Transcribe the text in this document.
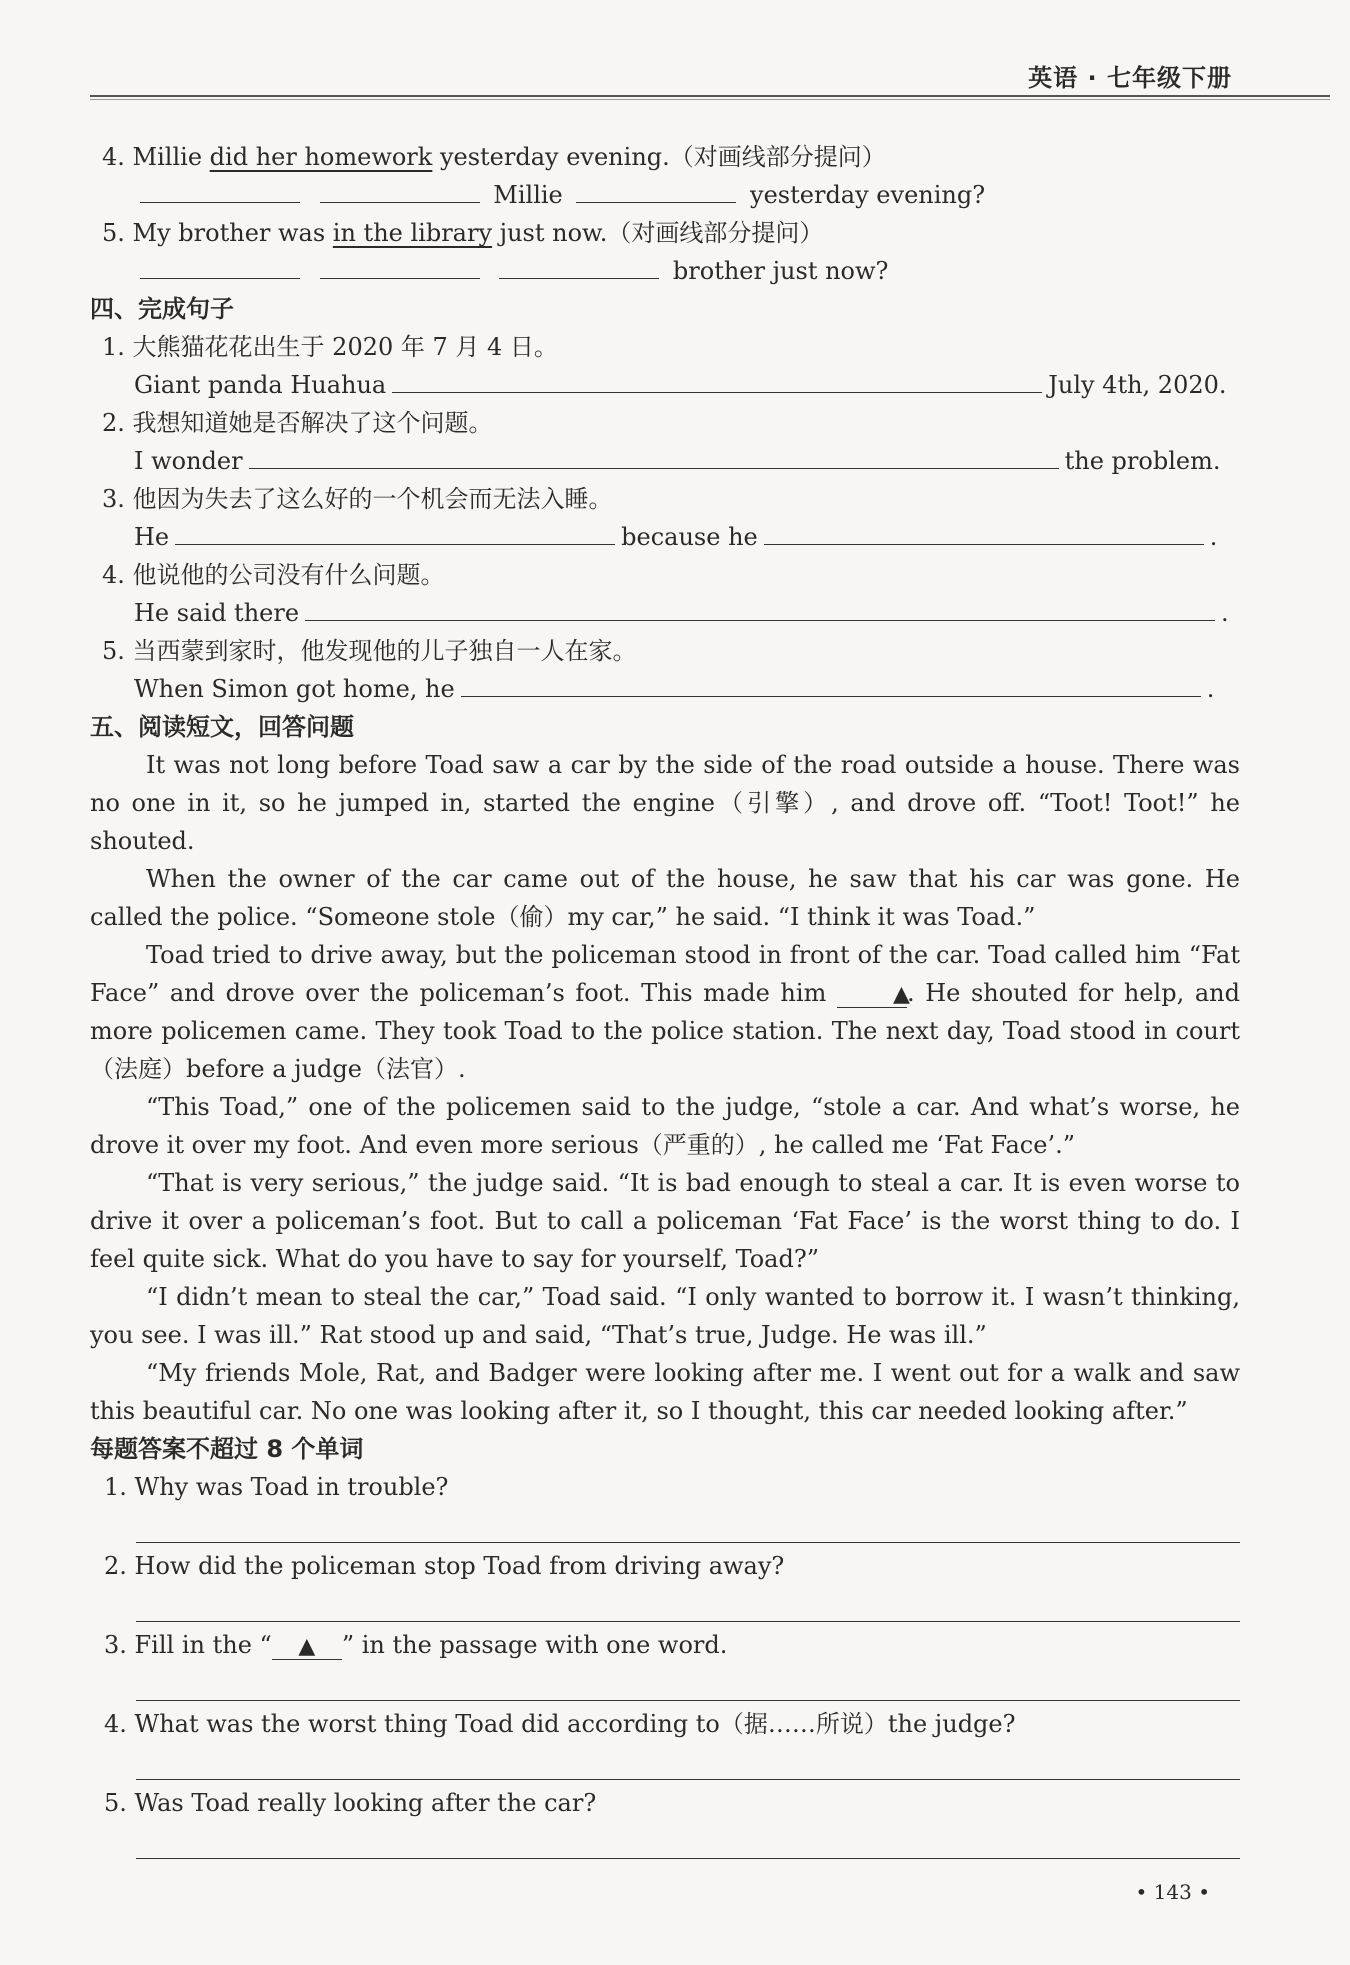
英语 · 七年级下册
4. Millie did her homework yesterday evening.（对画线部分提问）
Millie	yesterday evening?
5. My brother was in the library just now.（对画线部分提问）
brother just now?
四、完成句子
1. 大熊猫花花出生于 2020 年 7 月 4 日。
Giant panda Huahua	July 4th, 2020.
2. 我想知道她是否解决了这个问题。
I wonder	the problem.
3. 他因为失去了这么好的一个机会而无法入睡。
He	because he	.
4. 他说他的公司没有什么问题。
He said there	.
5. 当西蒙到家时，他发现他的儿子独自一人在家。
When Simon got home, he	.
五、阅读短文，回答问题
It was not long before Toad saw a car by the side of the road outside a house. There was no one in it, so he jumped in, started the engine（引擎）, and drove off. “Toot! Toot!” he shouted.
When the owner of the car came out of the house, he saw that his car was gone. He called the police. “Someone stole（偷）my car,” he said. “I think it was Toad.”
Toad tried to drive away, but the policeman stood in front of the car. Toad called him “Fat Face” and drove over the policeman’s foot. This made him	▲. He shouted for help, and more policemen came. They took Toad to the police station. The next day, Toad stood in court（法庭）before a judge（法官）.
“This Toad,” one of the policemen said to the judge, “stole a car. And what’s worse, he drove it over my foot. And even more serious（严重的）, he called me ‘Fat Face’.”
“That is very serious,” the judge said. “It is bad enough to steal a car. It is even worse to drive it over a policeman’s foot. But to call a policeman ‘Fat Face’ is the worst thing to do. I feel quite sick. What do you have to say for yourself, Toad?”
“I didn’t mean to steal the car,” Toad said. “I only wanted to borrow it. I wasn’t thinking, you see. I was ill.” Rat stood up and said, “That’s true, Judge. He was ill.”
“My friends Mole, Rat, and Badger were looking after me. I went out for a walk and saw this beautiful car. No one was looking after it, so I thought, this car needed looking after.”
每题答案不超过 8 个单词
1. Why was Toad in trouble?
2. How did the policeman stop Toad from driving away?
3. Fill in the “ ▲ ” in the passage with one word.
4. What was the worst thing Toad did according to（据……所说）the judge?
5. Was Toad really looking after the car?
• 143 •
